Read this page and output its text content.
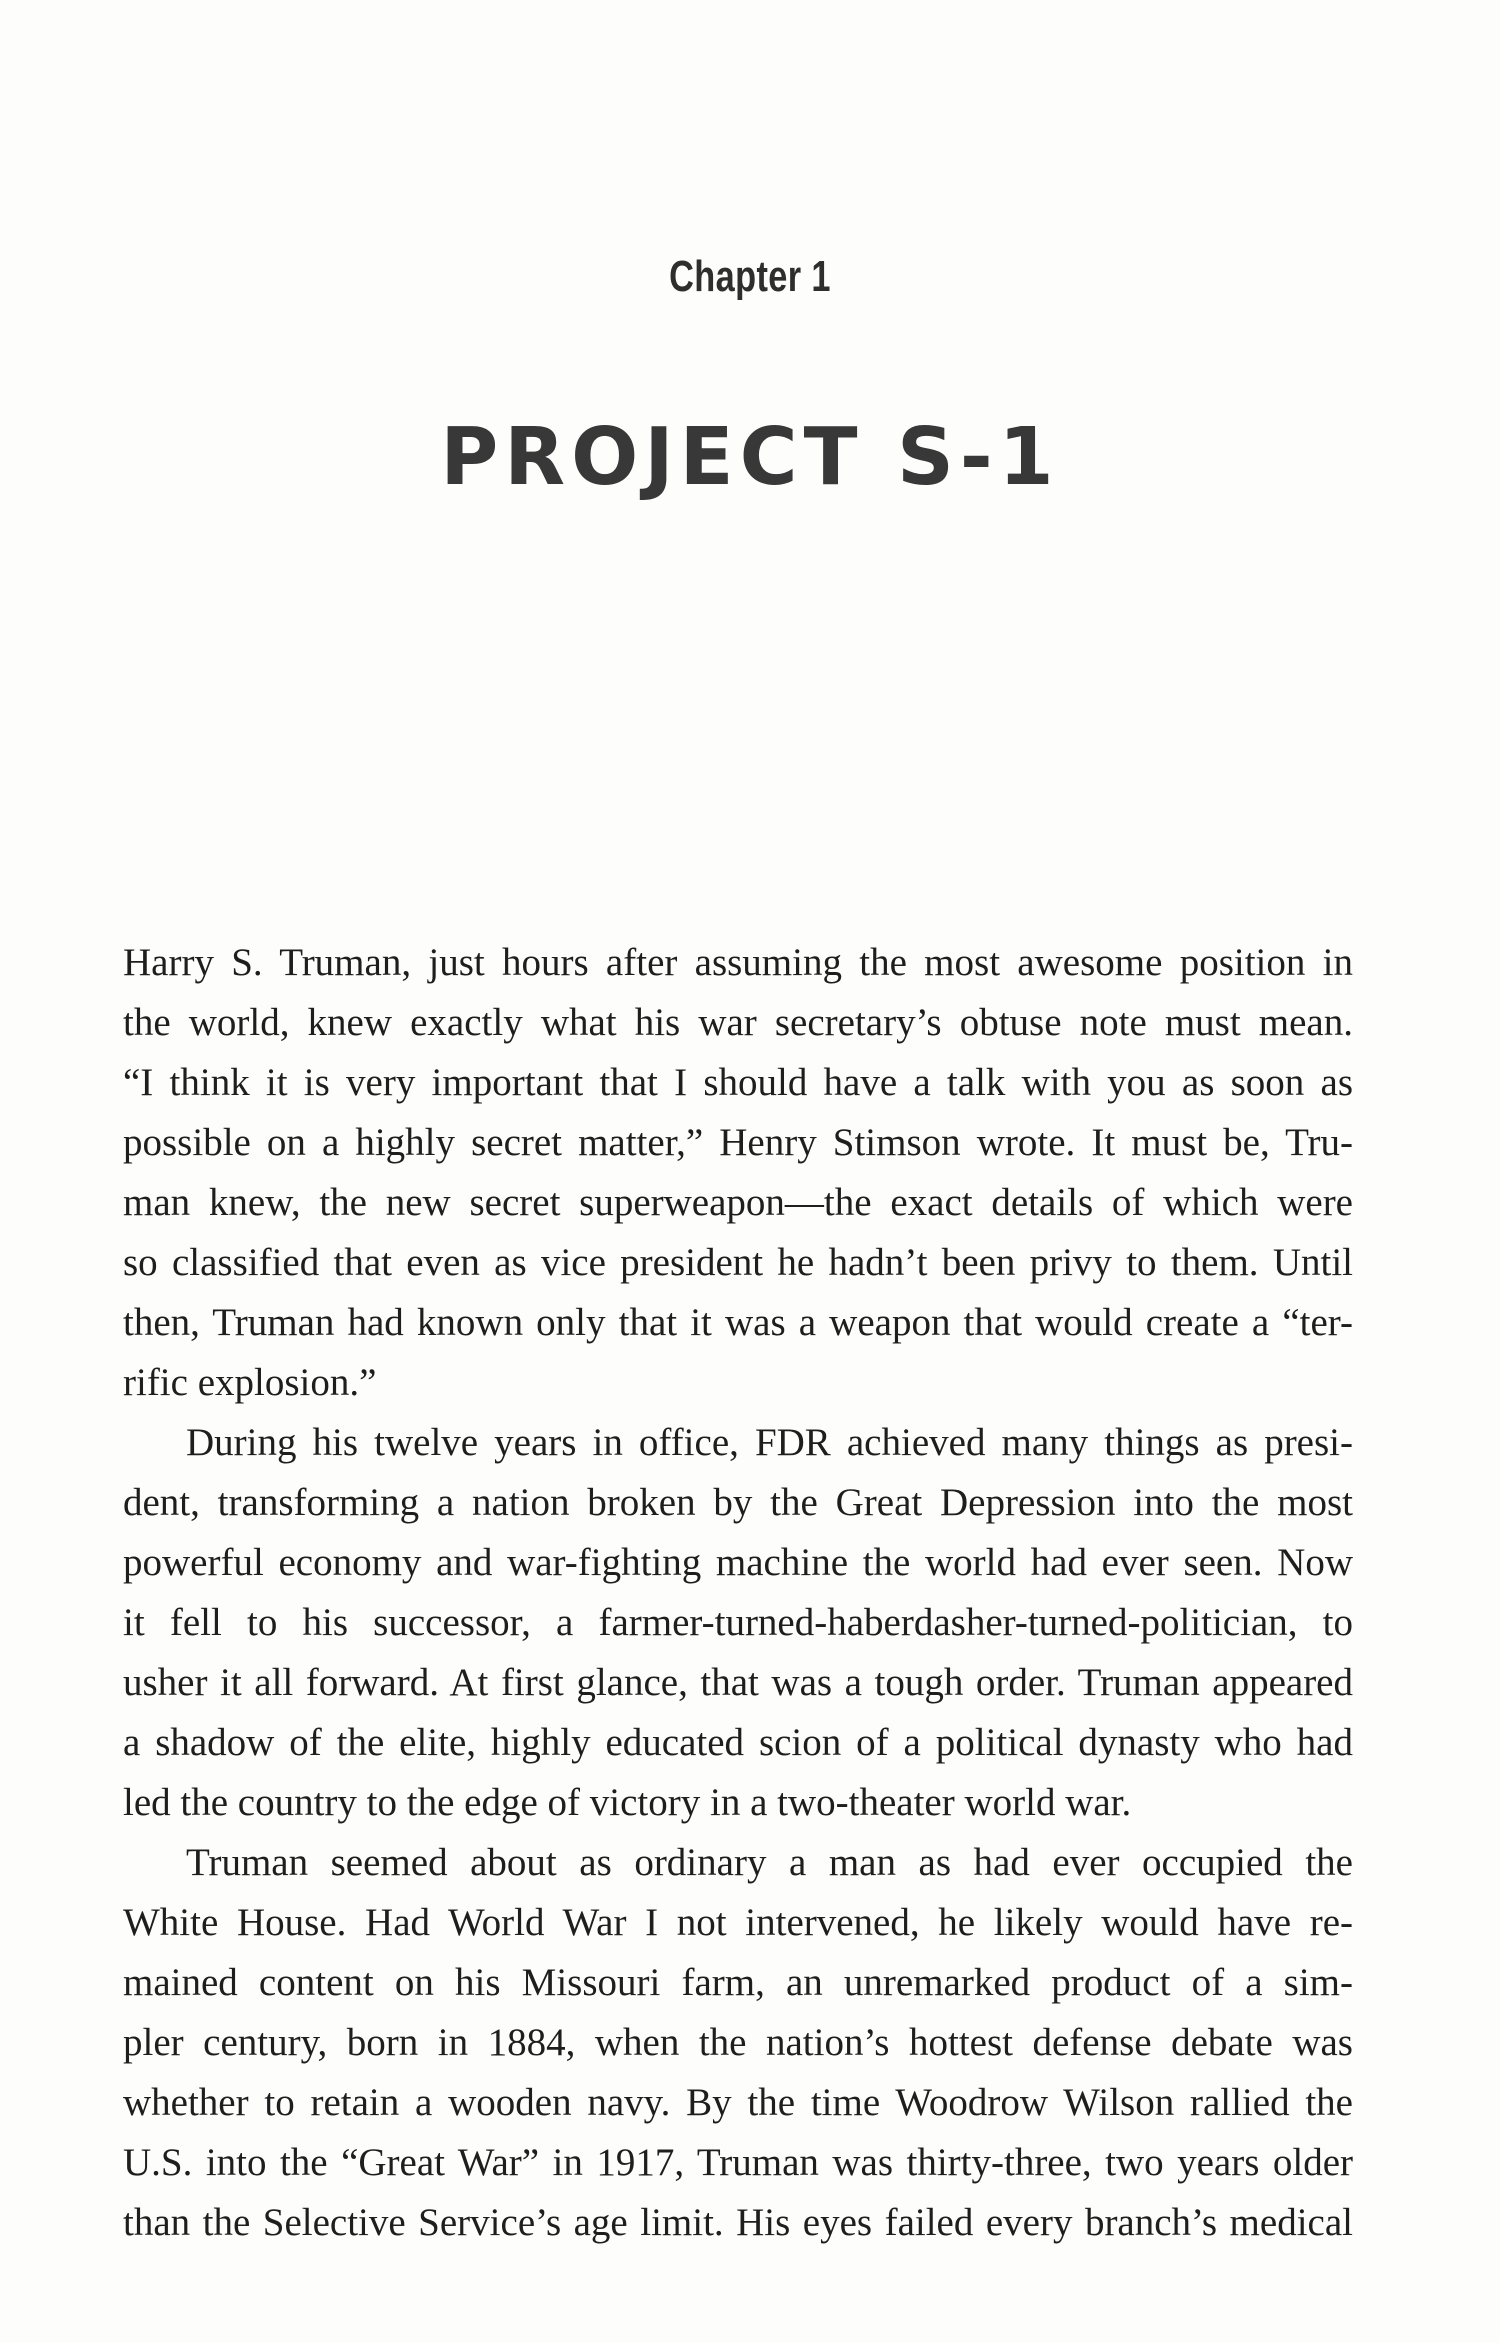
Chapter 1
PROJECT S-1

Harry S. Truman, just hours after assuming the most awesome position in
the world, knew exactly what his war secretary’s obtuse note must mean.
“I think it is very important that I should have a talk with you as soon as
possible on a highly secret matter,” Henry Stimson wrote. It must be, Tru-
man knew, the new secret superweapon—the exact details of which were
so classified that even as vice president he hadn’t been privy to them. Until
then, Truman had known only that it was a weapon that would create a “ter-
rific explosion.”

During his twelve years in office, FDR achieved many things as presi-
dent, transforming a nation broken by the Great Depression into the most
powerful economy and war-fighting machine the world had ever seen. Now
it fell to his successor, a farmer-turned-haberdasher-turned-politician, to
usher it all forward. At first glance, that was a tough order. Truman appeared
a shadow of the elite, highly educated scion of a political dynasty who had
led the country to the edge of victory in a two-theater world war.

Truman seemed about as ordinary a man as had ever occupied the
White House. Had World War I not intervened, he likely would have re-
mained content on his Missouri farm, an unremarked product of a sim-
pler century, born in 1884, when the nation’s hottest defense debate was
whether to retain a wooden navy. By the time Woodrow Wilson rallied the
U.S. into the “Great War” in 1917, Truman was thirty-three, two years older
than the Selective Service’s age limit. His eyes failed every branch’s medical
